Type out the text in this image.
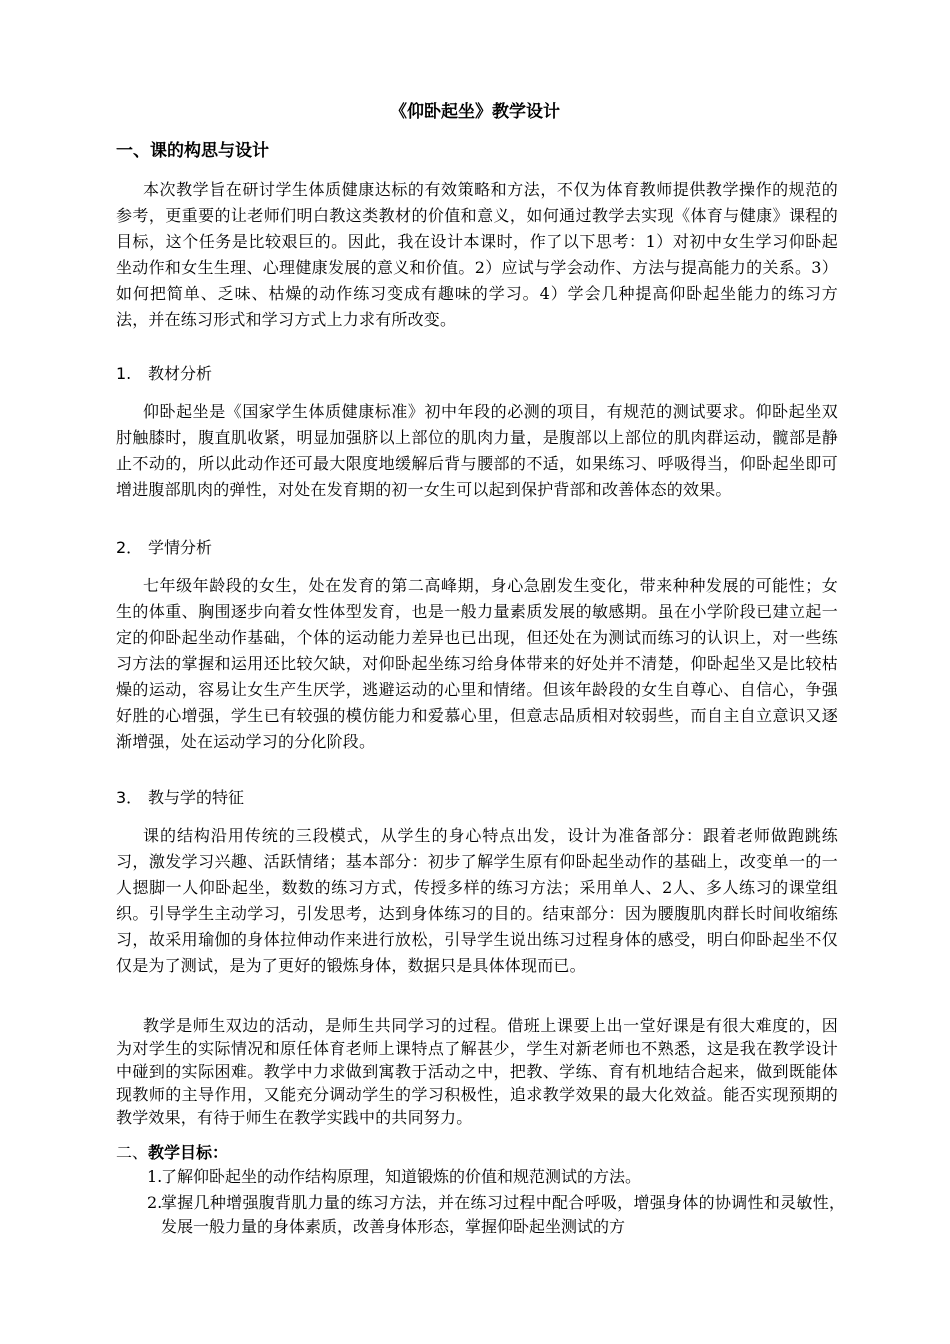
《仰卧起坐》教学设计
一、课的构思与设计
本次教学旨在研讨学生体质健康达标的有效策略和方法，不仅为体育教师提供教学操作的规范的参考，更重要的让老师们明白教这类教材的价值和意义，如何通过教学去实现《体育与健康》课程的目标，这个任务是比较艰巨的。因此，我在设计本课时，作了以下思考：1）对初中女生学习仰卧起坐动作和女生生理、心理健康发展的意义和价值。2）应试与学会动作、方法与提高能力的关系。3）如何把简单、乏味、枯燥的动作练习变成有趣味的学习。4）学会几种提高仰卧起坐能力的练习方法，并在练习形式和学习方式上力求有所改变。
1. 教材分析
仰卧起坐是《国家学生体质健康标准》初中年段的必测的项目，有规范的测试要求。仰卧起坐双肘触膝时，腹直肌收紧，明显加强脐以上部位的肌肉力量，是腹部以上部位的肌肉群运动，髋部是静止不动的，所以此动作还可最大限度地缓解后背与腰部的不适，如果练习、呼吸得当，仰卧起坐即可增进腹部肌肉的弹性，对处在发育期的初一女生可以起到保护背部和改善体态的效果。
2． 学情分析
七年级年龄段的女生，处在发育的第二高峰期，身心急剧发生变化，带来种种发展的可能性；女生的体重、胸围逐步向着女性体型发育，也是一般力量素质发展的敏感期。虽在小学阶段已建立起一定的仰卧起坐动作基础，个体的运动能力差异也已出现，但还处在为测试而练习的认识上，对一些练习方法的掌握和运用还比较欠缺，对仰卧起坐练习给身体带来的好处并不清楚，仰卧起坐又是比较枯燥的运动，容易让女生产生厌学，逃避运动的心里和情绪。但该年龄段的女生自尊心、自信心，争强好胜的心增强，学生已有较强的模仿能力和爱慕心里，但意志品质相对较弱些，而自主自立意识又逐渐增强，处在运动学习的分化阶段。
3． 教与学的特征
课的结构沿用传统的三段模式，从学生的身心特点出发，设计为准备部分：跟着老师做跑跳练习，激发学习兴趣、活跃情绪；基本部分：初步了解学生原有仰卧起坐动作的基础上，改变单一的一人摁脚一人仰卧起坐，数数的练习方式，传授多样的练习方法；采用单人、2人、多人练习的课堂组织。引导学生主动学习，引发思考，达到身体练习的目的。结束部分：因为腰腹肌肉群长时间收缩练习，故采用瑜伽的身体拉伸动作来进行放松，引导学生说出练习过程身体的感受，明白仰卧起坐不仅仅是为了测试，是为了更好的锻炼身体，数据只是具体体现而已。
教学是师生双边的活动，是师生共同学习的过程。借班上课要上出一堂好课是有很大难度的，因为对学生的实际情况和原任体育老师上课特点了解甚少，学生对新老师也不熟悉，这是我在教学设计中碰到的实际困难。教学中力求做到寓教于活动之中，把教、学练、育有机地结合起来，做到既能体现教师的主导作用，又能充分调动学生的学习积极性，追求教学效果的最大化效益。能否实现预期的教学效果，有待于师生在教学实践中的共同努力。
二、教学目标：
1.
了解仰卧起坐的动作结构原理，知道锻炼的价值和规范测试的方法。
2.
掌握几种增强腹背肌力量的练习方法，并在练习过程中配合呼吸，增强身体的协调性和灵敏性，发展一般力量的身体素质，改善身体形态，掌握仰卧起坐测试的方
